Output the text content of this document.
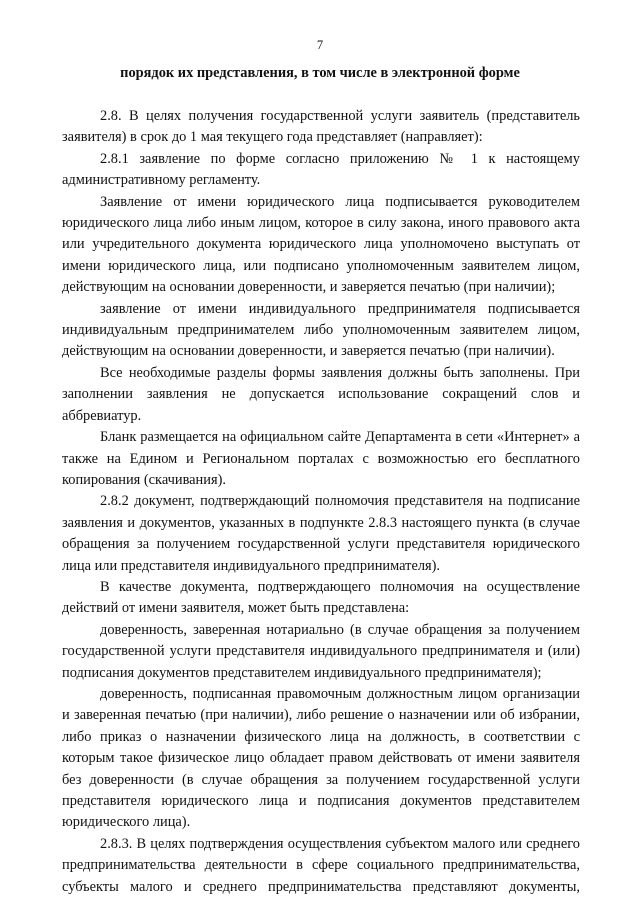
7
порядок их представления, в том числе в электронной форме

2.8. В целях получения государственной услуги заявитель (представитель заявителя) в срок до 1 мая текущего года представляет (направляет):

2.8.1 заявление по форме согласно приложению № 1 к настоящему административному регламенту.

Заявление от имени юридического лица подписывается руководителем юридического лица либо иным лицом, которое в силу закона, иного правового акта или учредительного документа юридического лица уполномочено выступать от имени юридического лица, или подписано уполномоченным заявителем лицом, действующим на основании доверенности, и заверяется печатью (при наличии);

заявление от имени индивидуального предпринимателя подписывается индивидуальным предпринимателем либо уполномоченным заявителем лицом, действующим на основании доверенности, и заверяется печатью (при наличии).

Все необходимые разделы формы заявления должны быть заполнены. При заполнении заявления не допускается использование сокращений слов и аббревиатур.

Бланк размещается на официальном сайте Департамента в сети «Интернет» а также на Едином и Региональном порталах с возможностью его бесплатного копирования (скачивания).

2.8.2 документ, подтверждающий полномочия представителя на подписание заявления и документов, указанных в подпункте 2.8.3 настоящего пункта (в случае обращения за получением государственной услуги представителя юридического лица или представителя индивидуального предпринимателя).

В качестве документа, подтверждающего полномочия на осуществление действий от имени заявителя, может быть представлена:

доверенность, заверенная нотариально (в случае обращения за получением государственной услуги представителя индивидуального предпринимателя и (или) подписания документов представителем индивидуального предпринимателя);

доверенность, подписанная правомочным должностным лицом организации и заверенная печатью (при наличии), либо решение о назначении или об избрании, либо приказ о назначении физического лица на должность, в соответствии с которым такое физическое лицо обладает правом действовать от имени заявителя без доверенности (в случае обращения за получением государственной услуги представителя юридического лица и подписания документов представителем юридического лица).

2.8.3. В целях подтверждения осуществления субъектом малого или среднего предпринимательства деятельности в сфере социального предпринимательства, субъекты малого и среднего предпринимательства представляют документы,
